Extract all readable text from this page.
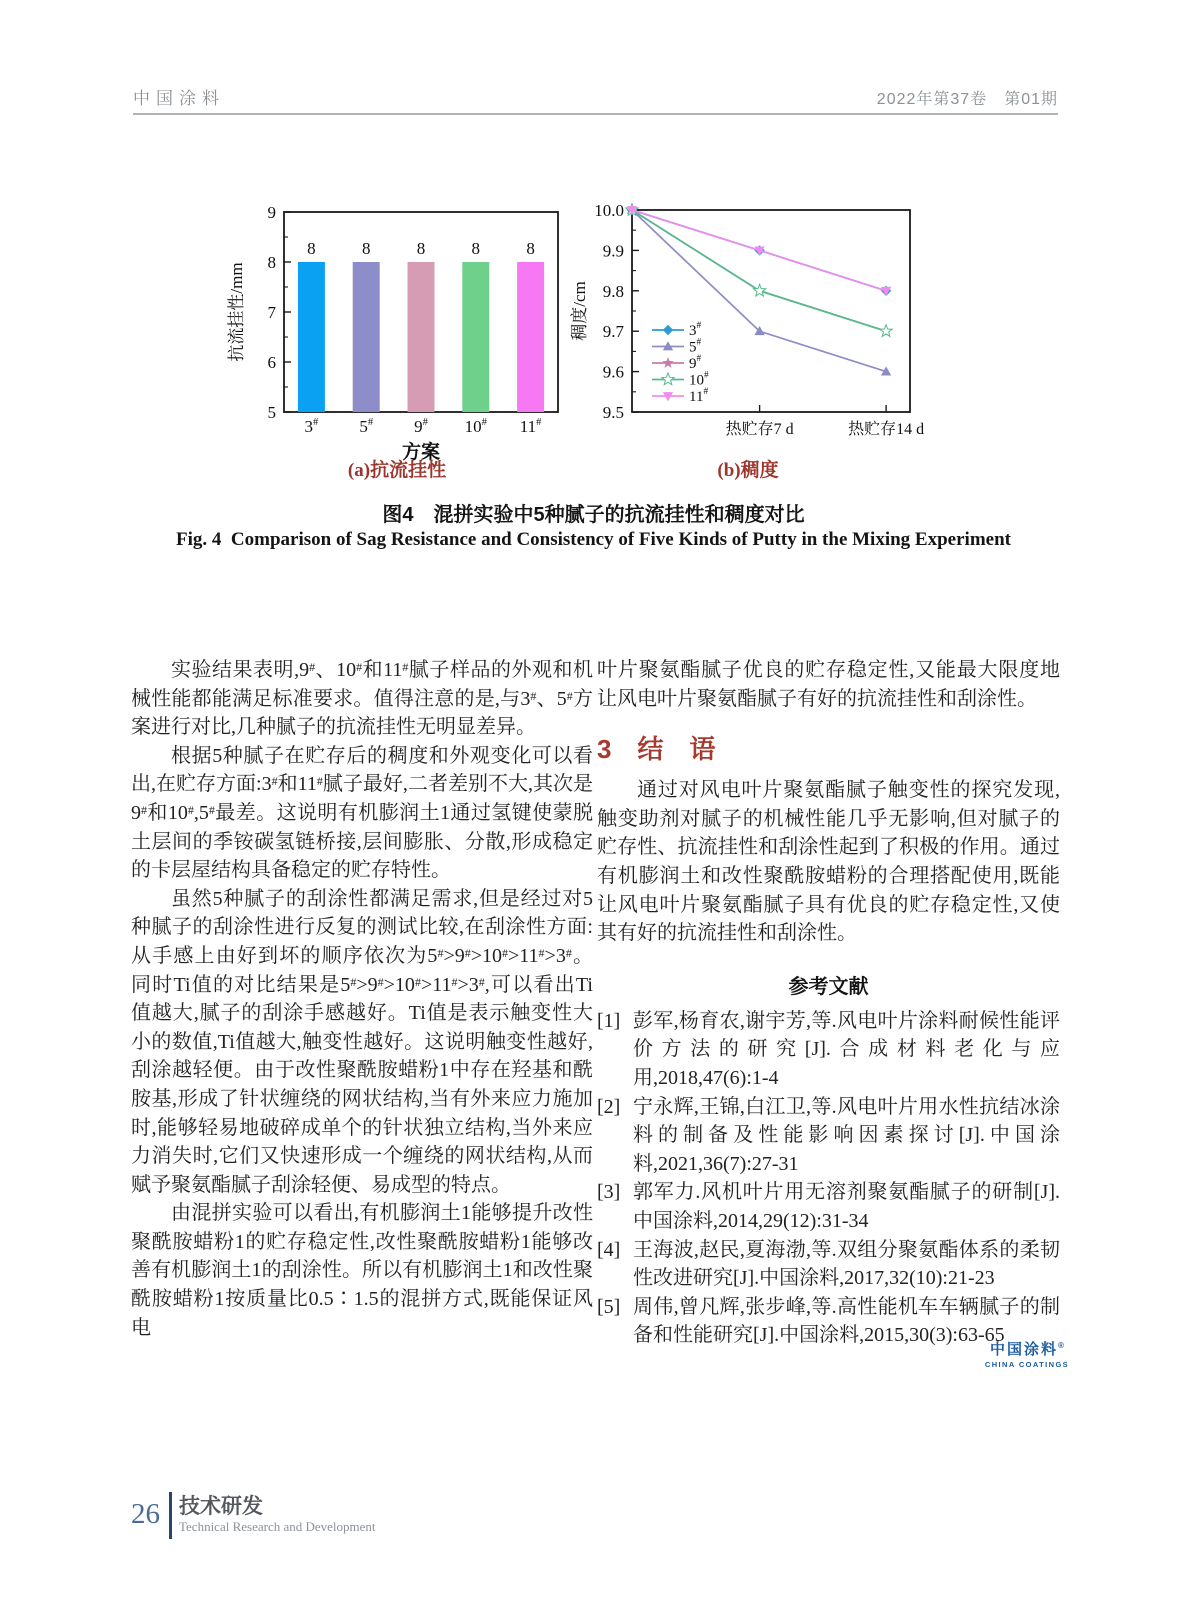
中国涂料	2022年第37卷　第01期
5
6
7
8
9
8
3#
8
5#
8
9#
8
10#
8
11#
方案
抗流挂性/mm
9.5
9.6
9.7
9.8
9.9
10.0
热贮存7 d	热贮存14 d
3#
5#
9#
10#
11#
稠度/cm
(a)抗流挂性	(b)稠度
图4　混拼实验中5种腻子的抗流挂性和稠度对比
Fig. 4  Comparison of Sag Resistance and Consistency of Five Kinds of Putty in the Mixing Experiment

实验结果表明,9#、10#和11#腻子样品的外观和机械性能都能满足标准要求。值得注意的是,与3#、5#方案进行对比,几种腻子的抗流挂性无明显差异。

根据5种腻子在贮存后的稠度和外观变化可以看出,在贮存方面:3#和11#腻子最好,二者差别不大,其次是9#和10#,5#最差。这说明有机膨润土1通过氢键使蒙脱土层间的季铵碳氢链桥接,层间膨胀、分散,形成稳定的卡层屋结构具备稳定的贮存特性。

虽然5种腻子的刮涂性都满足需求,但是经过对5种腻子的刮涂性进行反复的测试比较,在刮涂性方面:从手感上由好到坏的顺序依次为5#>9#>10#>11#>3#。同时Ti值的对比结果是5#>9#>10#>11#>3#,可以看出Ti值越大,腻子的刮涂手感越好。Ti值是表示触变性大小的数值,Ti值越大,触变性越好。这说明触变性越好,刮涂越轻便。由于改性聚酰胺蜡粉1中存在羟基和酰胺基,形成了针状缠绕的网状结构,当有外来应力施加时,能够轻易地破碎成单个的针状独立结构,当外来应力消失时,它们又快速形成一个缠绕的网状结构,从而赋予聚氨酯腻子刮涂轻便、易成型的特点。

由混拼实验可以看出,有机膨润土1能够提升改性聚酰胺蜡粉1的贮存稳定性,改性聚酰胺蜡粉1能够改善有机膨润土1的刮涂性。所以有机膨润土1和改性聚酰胺蜡粉1按质量比0.5∶1.5的混拼方式,既能保证风电

叶片聚氨酯腻子优良的贮存稳定性,又能最大限度地让风电叶片聚氨酯腻子有好的抗流挂性和刮涂性。

3　结　语

通过对风电叶片聚氨酯腻子触变性的探究发现,触变助剂对腻子的机械性能几乎无影响,但对腻子的贮存性、抗流挂性和刮涂性起到了积极的作用。通过有机膨润土和改性聚酰胺蜡粉的合理搭配使用,既能让风电叶片聚氨酯腻子具有优良的贮存稳定性,又使其有好的抗流挂性和刮涂性。

参考文献
[1] 彭军,杨育农,谢宇芳,等.风电叶片涂料耐候性能评价方法的研究[J].合成材料老化与应用,2018,47(6):1-4
[2] 宁永辉,王锦,白江卫,等.风电叶片用水性抗结冰涂料的制备及性能影响因素探讨[J].中国涂料,2021,36(7):27-31
[3] 郭军力.风机叶片用无溶剂聚氨酯腻子的研制[J].中国涂料,2014,29(12):31-34
[4] 王海波,赵民,夏海渤,等.双组分聚氨酯体系的柔韧性改进研究[J].中国涂料,2017,32(10):21-23
[5] 周伟,曾凡辉,张步峰,等.高性能机车车辆腻子的制备和性能研究[J].中国涂料,2015,30(3):63-65
中国涂料®
CHINA COATINGS
26 技术研发
Technical Research and Development
